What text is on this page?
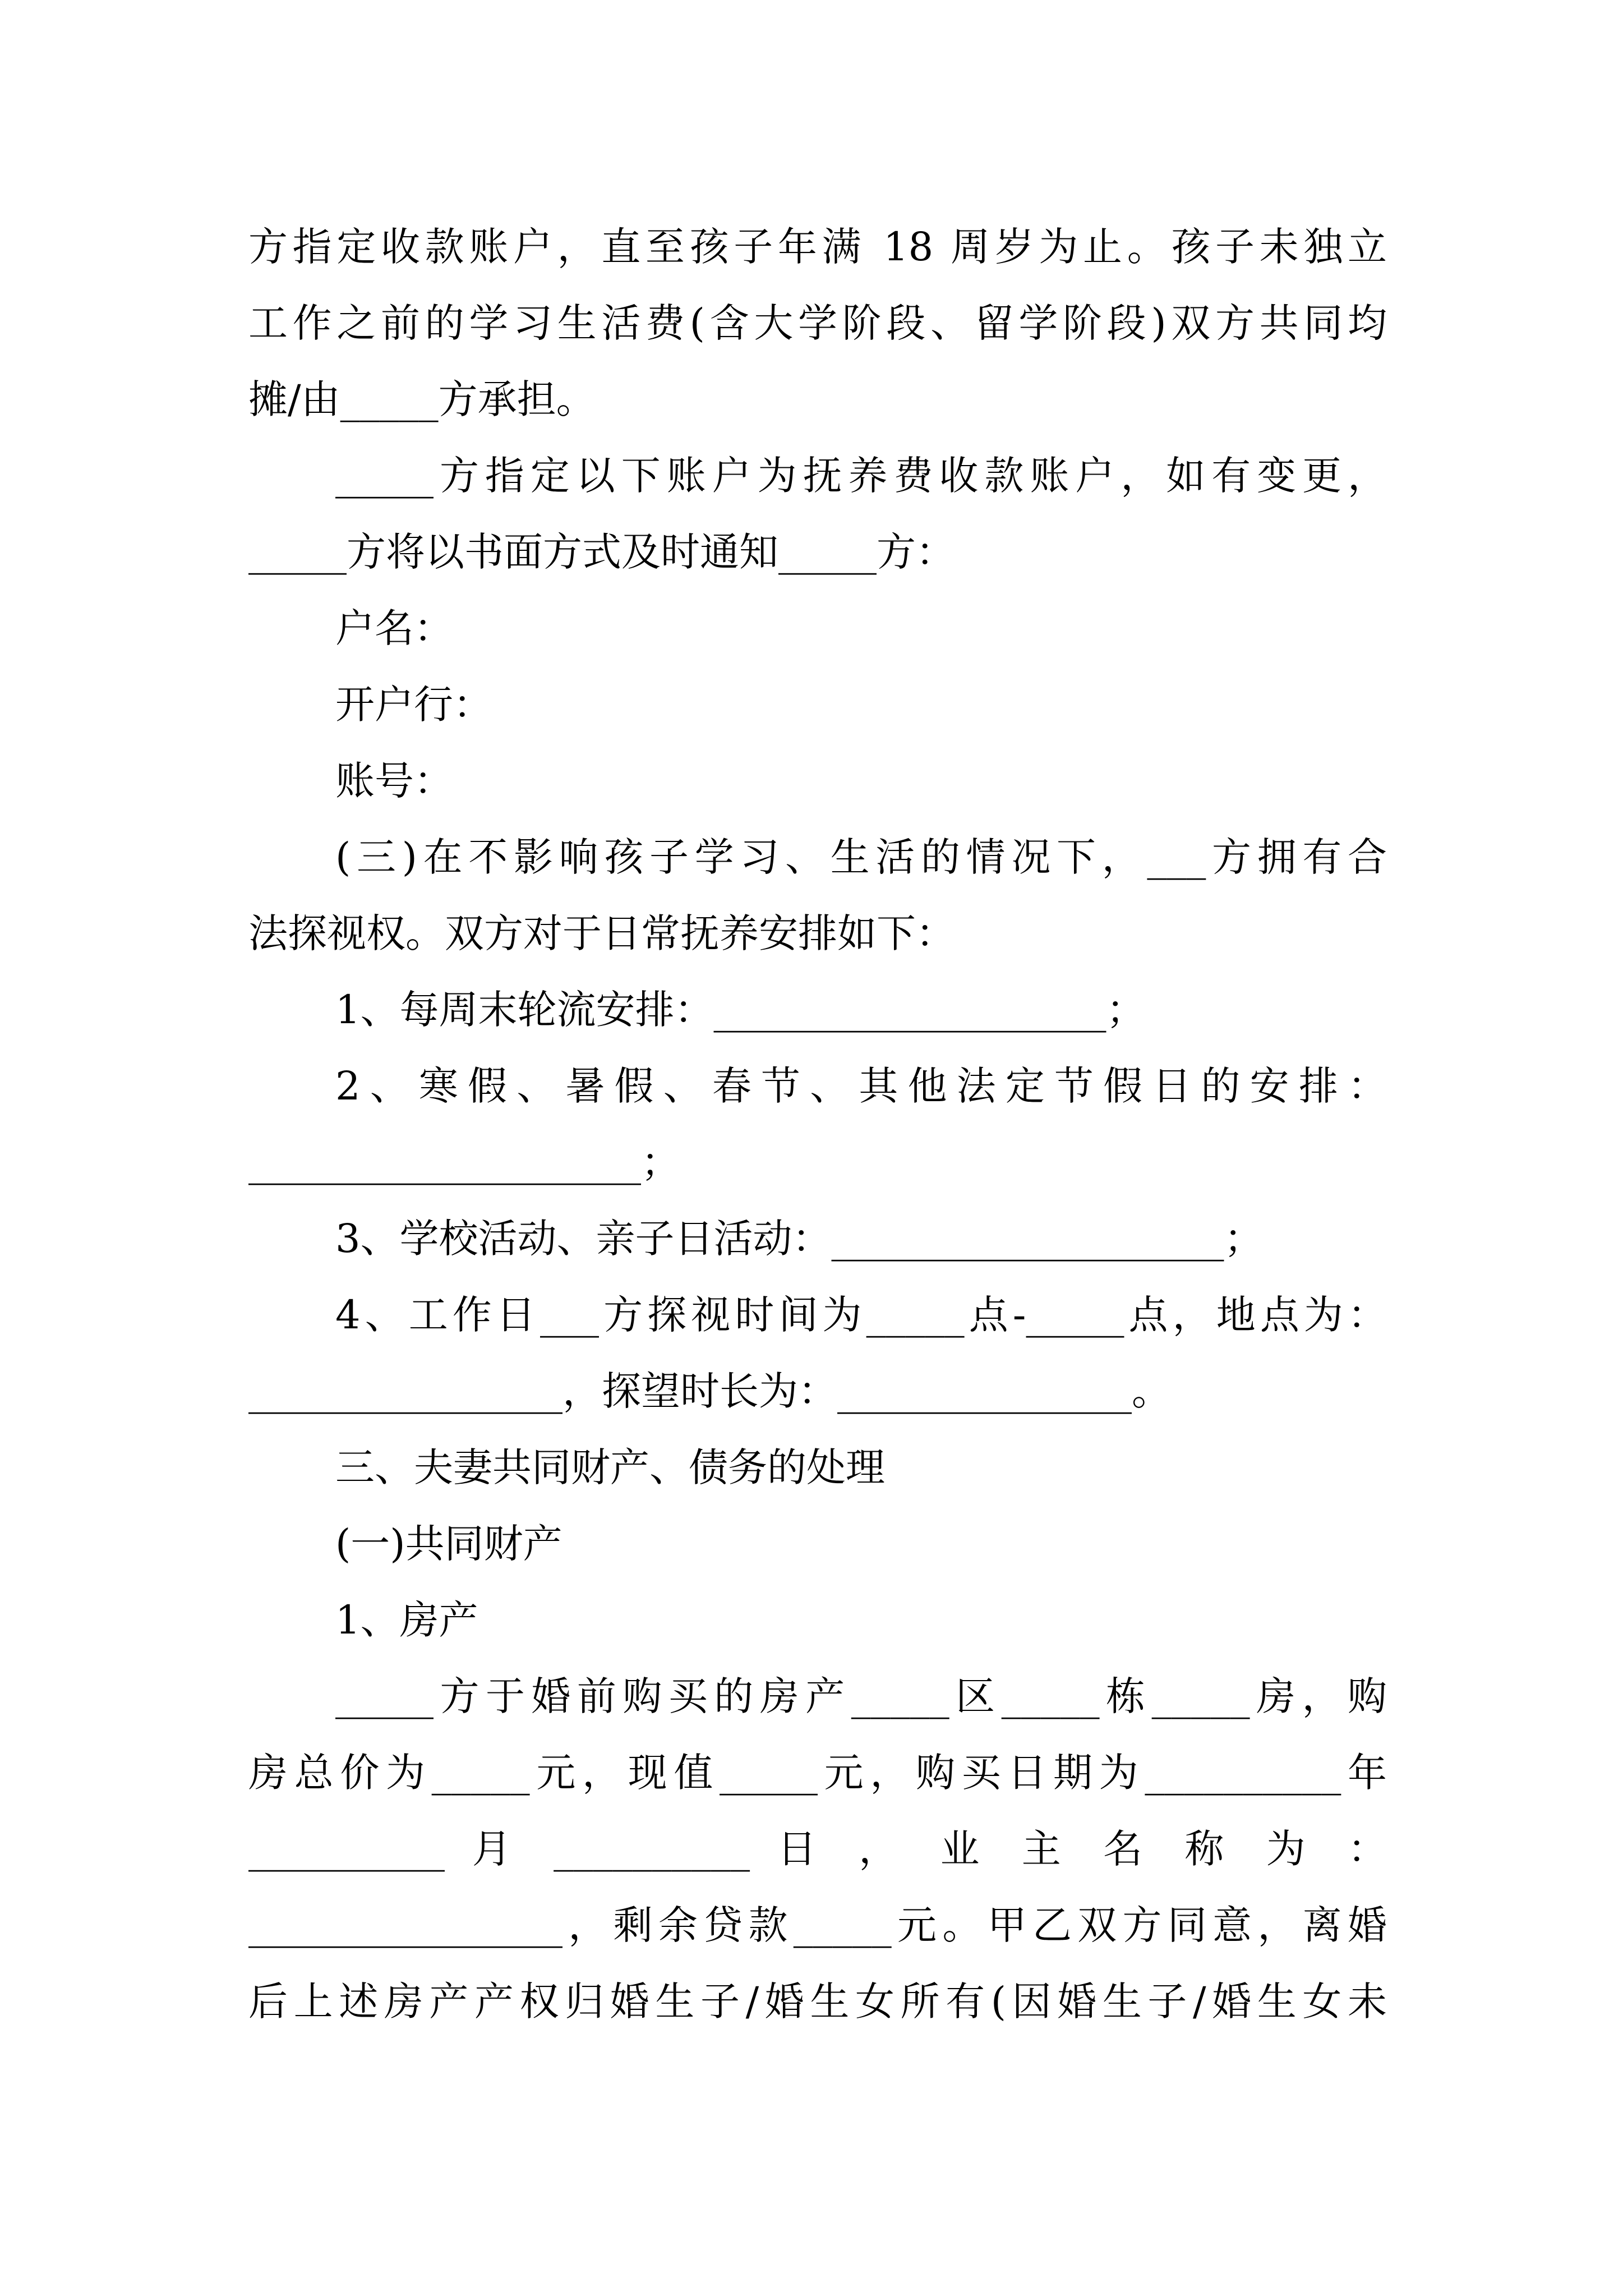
方指定收款账户，直至孩子年满 18 周岁为止。孩子未独立
工作之前的学习生活费(含大学阶段、留学阶段)双方共同均
摊/由_____方承担。
_____方指定以下账户为抚养费收款账户，如有变更，
_____方将以书面方式及时通知_____方：
户名：
开户行：
账号：
(三)在不影响孩子学习、生活的情况下，___方拥有合
法探视权。双方对于日常抚养安排如下：
1、每周末轮流安排：____________________；
2、寒假、暑假、春节、其他法定节假日的安排：
____________________；
3、学校活动、亲子日活动：____________________；
4、工作日___方探视时间为_____点-_____点，地点为：
________________，探望时长为：_______________。
三、夫妻共同财产、债务的处理
(一)共同财产
1、房产
_____方于婚前购买的房产_____区_____栋_____房，购
房总价为_____元，现值_____元，购买日期为__________年
__________ 月 __________ 日 ， 业 主 名 称 为 ：
________________，剩余贷款_____元。甲乙双方同意，离婚
后上述房产产权归婚生子/婚生女所有(因婚生子/婚生女未
